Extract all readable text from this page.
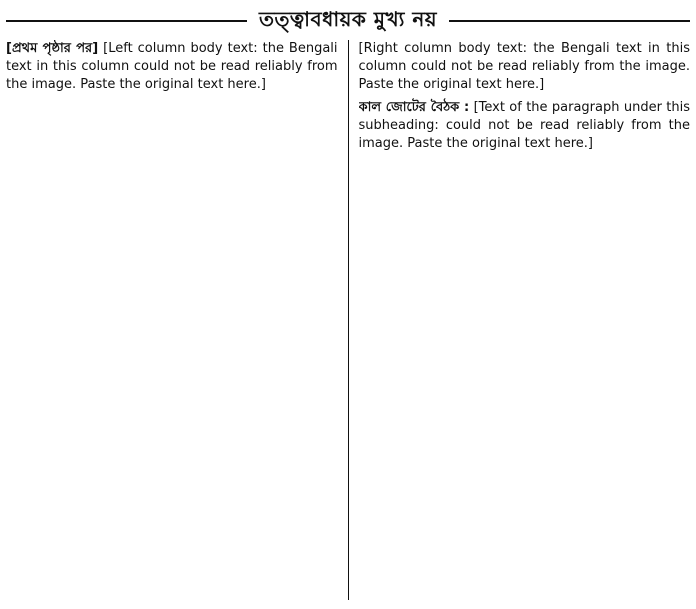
তত্ত্বাবধায়ক মুখ্য নয়

[প্রথম পৃষ্ঠার পর] [Left column body text: the Bengali text in this column could not be read reliably from the image. Paste the original text here.]

[Right column body text: the Bengali text in this column could not be read reliably from the image. Paste the original text here.]

কাল জোটের বৈঠক : [Text of the paragraph under this subheading: could not be read reliably from the image. Paste the original text here.]
